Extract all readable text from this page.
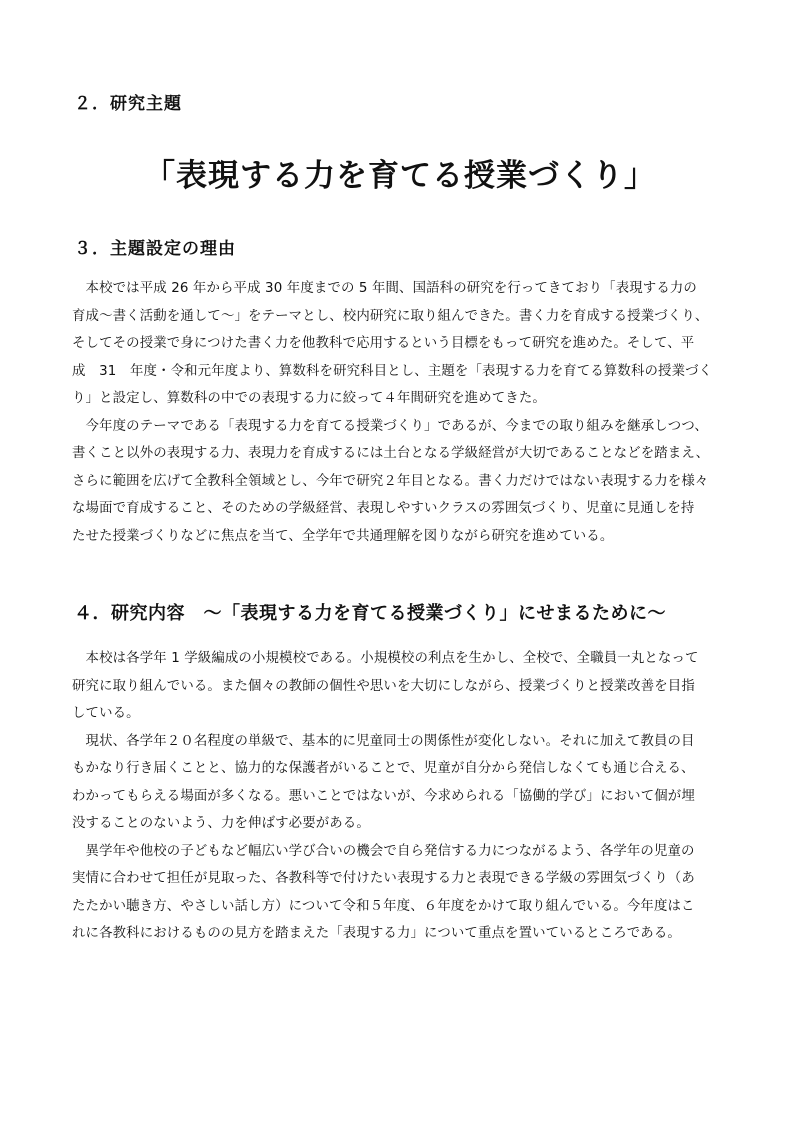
２．研究主題
「表現する力を育てる授業づくり」
３．主題設定の理由
　本校では平成 26 年から平成 30 年度までの 5 年間、国語科の研究を行ってきており「表現する力の
育成～書く活動を通して～」をテーマとし、校内研究に取り組んできた。書く力を育成する授業づくり、
そしてその授業で身につけた書く力を他教科で応用するという目標をもって研究を進めた。そして、平
成　31　年度・令和元年度より、算数科を研究科目とし、主題を「表現する力を育てる算数科の授業づく
り」と設定し、算数科の中での表現する力に絞って４年間研究を進めてきた。
　今年度のテーマである「表現する力を育てる授業づくり」であるが、今までの取り組みを継承しつつ、
書くこと以外の表現する力、表現力を育成するには土台となる学級経営が大切であることなどを踏まえ、
さらに範囲を広げて全教科全領域とし、今年で研究２年目となる。書く力だけではない表現する力を様々
な場面で育成すること、そのための学級経営、表現しやすいクラスの雰囲気づくり、児童に見通しを持
たせた授業づくりなどに焦点を当て、全学年で共通理解を図りながら研究を進めている。
４．研究内容　～「表現する力を育てる授業づくり」にせまるために～
　本校は各学年 1 学級編成の小規模校である。小規模校の利点を生かし、全校で、全職員一丸となって
研究に取り組んでいる。また個々の教師の個性や思いを大切にしながら、授業づくりと授業改善を目指
している。
　現状、各学年２０名程度の単級で、基本的に児童同士の関係性が変化しない。それに加えて教員の目
もかなり行き届くことと、協力的な保護者がいることで、児童が自分から発信しなくても通じ合える、
わかってもらえる場面が多くなる。悪いことではないが、今求められる「協働的学び」において個が埋
没することのないよう、力を伸ばす必要がある。
　異学年や他校の子どもなど幅広い学び合いの機会で自ら発信する力につながるよう、各学年の児童の
実情に合わせて担任が見取った、各教科等で付けたい表現する力と表現できる学級の雰囲気づくり（あ
たたかい聴き方、やさしい話し方）について令和５年度、６年度をかけて取り組んでいる。今年度はこ
れに各教科におけるものの見方を踏まえた「表現する力」について重点を置いているところである。
